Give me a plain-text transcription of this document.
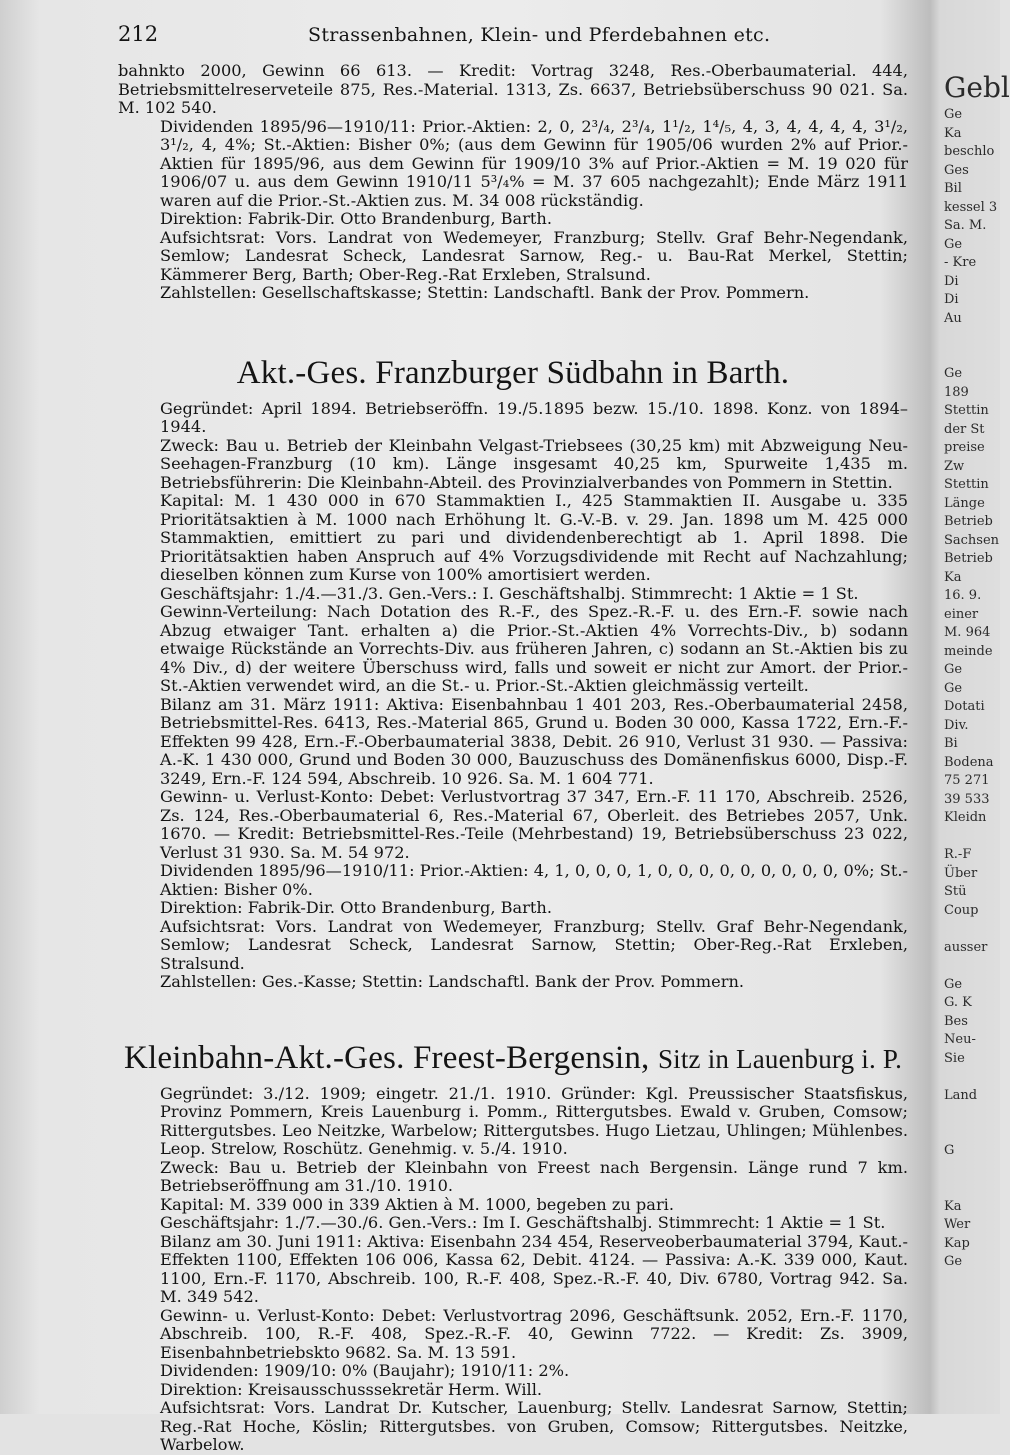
212	Strassenbahnen, Klein- und Pferdebahnen etc.

bahnkto 2000, Gewinn 66 613. — Kredit: Vortrag 3248, Res.-Oberbaumaterial. 444, Betriebsmittelreserveteile 875, Res.-Material. 1313, Zs. 6637, Betriebsüberschuss 90 021. Sa. M. 102 540.

Dividenden 1895/96—1910/11: Prior.-Aktien: 2, 0, 2³/₄, 2³/₄, 1¹/₂, 1⁴/₅, 4, 3, 4, 4, 4, 4, 3¹/₂, 3¹/₂, 4, 4%; St.-Aktien: Bisher 0%; (aus dem Gewinn für 1905/06 wurden 2% auf Prior.-Aktien für 1895/96, aus dem Gewinn für 1909/10 3% auf Prior.-Aktien = M. 19 020 für 1906/07 u. aus dem Gewinn 1910/11 5³/₄% = M. 37 605 nachgezahlt); Ende März 1911 waren auf die Prior.-St.-Aktien zus. M. 34 008 rückständig.

Direktion: Fabrik-Dir. Otto Brandenburg, Barth.

Aufsichtsrat: Vors. Landrat von Wedemeyer, Franzburg; Stellv. Graf Behr-Negendank, Semlow; Landesrat Scheck, Landesrat Sarnow, Reg.- u. Bau-Rat Merkel, Stettin; Kämmerer Berg, Barth; Ober-Reg.-Rat Erxleben, Stralsund.

Zahlstellen: Gesellschaftskasse; Stettin: Landschaftl. Bank der Prov. Pommern.

Akt.-Ges. Franzburger Südbahn in Barth.

Gegründet: April 1894. Betriebseröffn. 19./5.1895 bezw. 15./10. 1898. Konz. von 1894–1944.

Zweck: Bau u. Betrieb der Kleinbahn Velgast-Triebsees (30,25 km) mit Abzweigung Neu-Seehagen-Franzburg (10 km). Länge insgesamt 40,25 km, Spurweite 1,435 m. Betriebsführerin: Die Kleinbahn-Abteil. des Provinzialverbandes von Pommern in Stettin.

Kapital: M. 1 430 000 in 670 Stammaktien I., 425 Stammaktien II. Ausgabe u. 335 Prioritätsaktien à M. 1000 nach Erhöhung lt. G.-V.-B. v. 29. Jan. 1898 um M. 425 000 Stammaktien, emittiert zu pari und dividendenberechtigt ab 1. April 1898. Die Prioritätsaktien haben Anspruch auf 4% Vorzugsdividende mit Recht auf Nachzahlung; dieselben können zum Kurse von 100% amortisiert werden.

Geschäftsjahr: 1./4.—31./3. Gen.-Vers.: I. Geschäftshalbj. Stimmrecht: 1 Aktie = 1 St.

Gewinn-Verteilung: Nach Dotation des R.-F., des Spez.-R.-F. u. des Ern.-F. sowie nach Abzug etwaiger Tant. erhalten a) die Prior.-St.-Aktien 4% Vorrechts-Div., b) sodann etwaige Rückstände an Vorrechts-Div. aus früheren Jahren, c) sodann an St.-Aktien bis zu 4% Div., d) der weitere Überschuss wird, falls und soweit er nicht zur Amort. der Prior.-St.-Aktien verwendet wird, an die St.- u. Prior.-St.-Aktien gleichmässig verteilt.

Bilanz am 31. März 1911: Aktiva: Eisenbahnbau 1 401 203, Res.-Oberbaumaterial 2458, Betriebsmittel-Res. 6413, Res.-Material 865, Grund u. Boden 30 000, Kassa 1722, Ern.-F.-Effekten 99 428, Ern.-F.-Oberbaumaterial 3838, Debit. 26 910, Verlust 31 930. — Passiva: A.-K. 1 430 000, Grund und Boden 30 000, Bauzuschuss des Domänenfiskus 6000, Disp.-F. 3249, Ern.-F. 124 594, Abschreib. 10 926. Sa. M. 1 604 771.

Gewinn- u. Verlust-Konto: Debet: Verlustvortrag 37 347, Ern.-F. 11 170, Abschreib. 2526, Zs. 124, Res.-Oberbaumaterial 6, Res.-Material 67, Oberleit. des Betriebes 2057, Unk. 1670. — Kredit: Betriebsmittel-Res.-Teile (Mehrbestand) 19, Betriebsüberschuss 23 022, Verlust 31 930. Sa. M. 54 972.

Dividenden 1895/96—1910/11: Prior.-Aktien: 4, 1, 0, 0, 0, 1, 0, 0, 0, 0, 0, 0, 0, 0, 0, 0%; St.-Aktien: Bisher 0%.

Direktion: Fabrik-Dir. Otto Brandenburg, Barth.

Aufsichtsrat: Vors. Landrat von Wedemeyer, Franzburg; Stellv. Graf Behr-Negendank, Semlow; Landesrat Scheck, Landesrat Sarnow, Stettin; Ober-Reg.-Rat Erxleben, Stralsund.

Zahlstellen: Ges.-Kasse; Stettin: Landschaftl. Bank der Prov. Pommern.

Kleinbahn-Akt.-Ges. Freest-Bergensin, Sitz in Lauenburg i. P.

Gegründet: 3./12. 1909; eingetr. 21./1. 1910. Gründer: Kgl. Preussischer Staatsfiskus, Provinz Pommern, Kreis Lauenburg i. Pomm., Rittergutsbes. Ewald v. Gruben, Comsow; Rittergutsbes. Leo Neitzke, Warbelow; Rittergutsbes. Hugo Lietzau, Uhlingen; Mühlenbes. Leop. Strelow, Roschütz. Genehmig. v. 5./4. 1910.

Zweck: Bau u. Betrieb der Kleinbahn von Freest nach Bergensin. Länge rund 7 km. Betriebseröffnung am 31./10. 1910.

Kapital: M. 339 000 in 339 Aktien à M. 1000, begeben zu pari.

Geschäftsjahr: 1./7.—30./6. Gen.-Vers.: Im I. Geschäftshalbj. Stimmrecht: 1 Aktie = 1 St.

Bilanz am 30. Juni 1911: Aktiva: Eisenbahn 234 454, Reserveoberbaumaterial 3794, Kaut.-Effekten 1100, Effekten 106 006, Kassa 62, Debit. 4124. — Passiva: A.-K. 339 000, Kaut. 1100, Ern.-F. 1170, Abschreib. 100, R.-F. 408, Spez.-R.-F. 40, Div. 6780, Vortrag 942. Sa. M. 349 542.

Gewinn- u. Verlust-Konto: Debet: Verlustvortrag 2096, Geschäftsunk. 2052, Ern.-F. 1170, Abschreib. 100, R.-F. 408, Spez.-R.-F. 40, Gewinn 7722. — Kredit: Zs. 3909, Eisenbahnbetriebskto 9682. Sa. M. 13 591.

Dividenden: 1909/10: 0% (Baujahr); 1910/11: 2%.

Direktion: Kreisausschusssekretär Herm. Will.

Aufsichtsrat: Vors. Landrat Dr. Kutscher, Lauenburg; Stellv. Landesrat Sarnow, Stettin; Reg.-Rat Hoche, Köslin; Rittergutsbes. von Gruben, Comsow; Rittergutsbes. Neitzke, Warbelow.

Gebl
Ge
Ka
beschlo
Ges
Bil
kessel 3
Sa. M.
Ge
- Kre
Di
Di
Au

Ge
189
Stettin
der St
preise
Zw
Stettin
Länge
Betrieb
Sachsen
Betrieb
Ka
16. 9.
einer
M. 964
meinde
Ge
Ge
Dotati
Div.
Bi
Bodena
75 271
39 533
Kleidn

R.-F
Über
Stü
Coup

ausser

Ge
G. K
Bes
Neu-
Sie

Land

G

Ka
Wer
Kap
Ge
